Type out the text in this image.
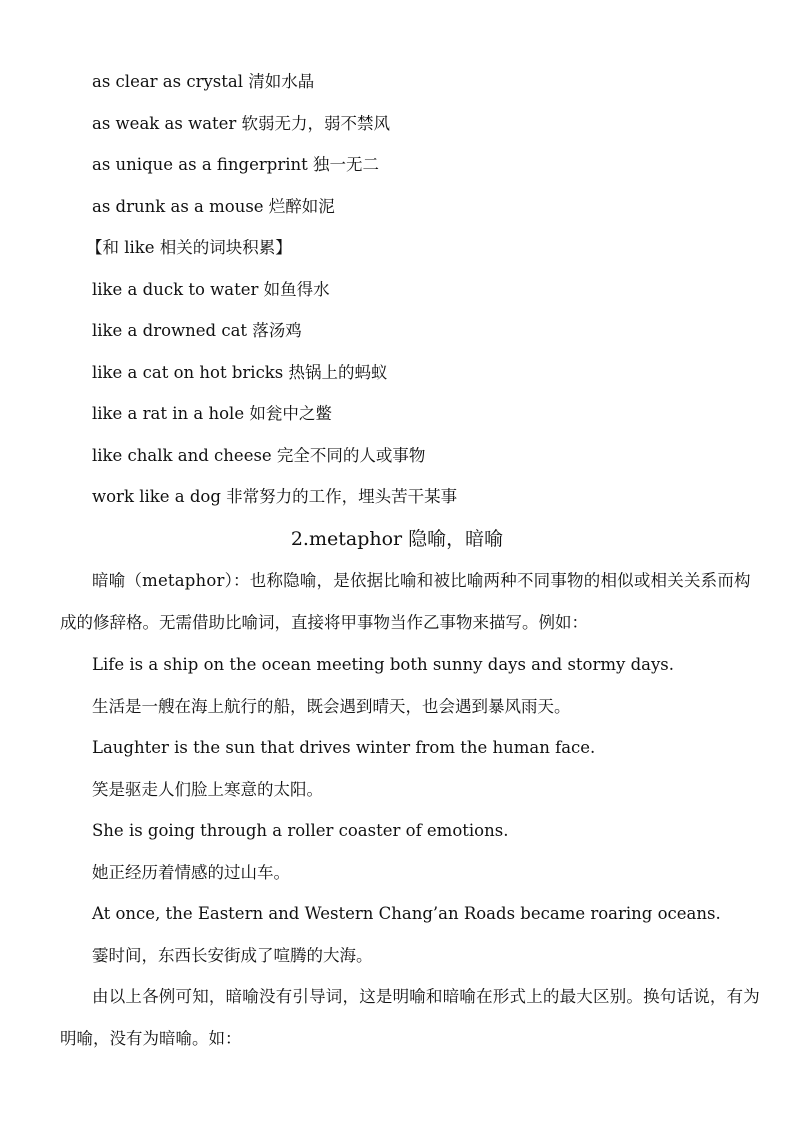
as clear as crystal 清如水晶
as weak as water 软弱无力，弱不禁风
as unique as a fingerprint 独一无二
as drunk as a mouse 烂醉如泥
【和 like 相关的词块积累】
like a duck to water 如鱼得水
like a drowned cat 落汤鸡
like a cat on hot bricks 热锅上的蚂蚁
like a rat in a hole 如瓮中之鳖
like chalk and cheese 完全不同的人或事物
work like a dog 非常努力的工作，埋头苦干某事
2.metaphor 隐喻，暗喻
暗喻（metaphor）：也称隐喻，是依据比喻和被比喻两种不同事物的相似或相关关系而构
成的修辞格。无需借助比喻词，直接将甲事物当作乙事物来描写。例如：
Life is a ship on the ocean meeting both sunny days and stormy days.
生活是一艘在海上航行的船，既会遇到晴天，也会遇到暴风雨天。
Laughter is the sun that drives winter from the human face.
笑是驱走人们脸上寒意的太阳。
She is going through a roller coaster of emotions.
她正经历着情感的过山车。
At once, the Eastern and Western Chang’an Roads became roaring oceans.
霎时间，东西长安街成了喧腾的大海。
由以上各例可知，暗喻没有引导词，这是明喻和暗喻在形式上的最大区别。换句话说，有为
明喻，没有为暗喻。如：
